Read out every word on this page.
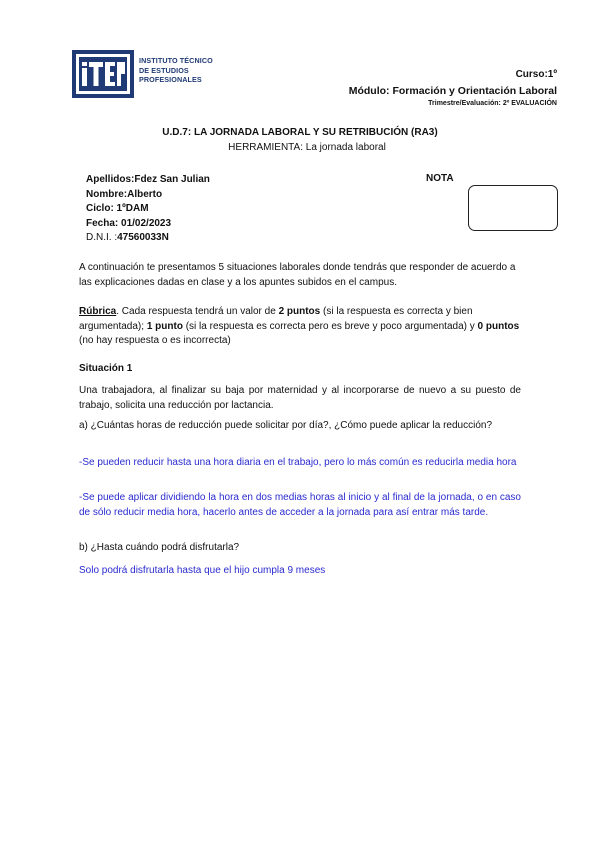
INSTITUTO TÉCNICO
DE ESTUDIOS
PROFESIONALES	Curso:1º
Módulo: Formación y Orientación Laboral
Trimestre/Evaluación: 2º EVALUACIÓN
U.D.7: LA JORNADA LABORAL Y SU RETRIBUCIÓN (RA3)
HERRAMIENTA: La jornada laboral
Apellidos:Fdez San Julian
Nombre:Alberto
Ciclo: 1ºDAM
Fecha: 01/02/2023
D.N.I. :47560033N
NOTA
A continuación te presentamos 5 situaciones laborales donde tendrás que responder de acuerdo a las explicaciones dadas en clase y a los apuntes subidos en el campus.
Rúbrica. Cada respuesta tendrá un valor de 2 puntos (si la respuesta es correcta y bien argumentada); 1 punto (si la respuesta es correcta pero es breve y poco argumentada) y 0 puntos (no hay respuesta o es incorrecta)
Situación 1
Una trabajadora, al finalizar su baja por maternidad y al incorporarse de nuevo a su puesto de trabajo, solicita una reducción por lactancia.
a) ¿Cuántas horas de reducción puede solicitar por día?, ¿Cómo puede aplicar la reducción?
-Se pueden reducir hasta una hora diaria en el trabajo, pero lo más común es reducirla media hora
-Se puede aplicar dividiendo la hora en dos medias horas al inicio y al final de la jornada, o en caso de sólo reducir media hora, hacerlo antes de acceder a la jornada para así entrar más tarde.
b) ¿Hasta cuándo podrá disfrutarla?
Solo podrá disfrutarla hasta que el hijo cumpla 9 meses
